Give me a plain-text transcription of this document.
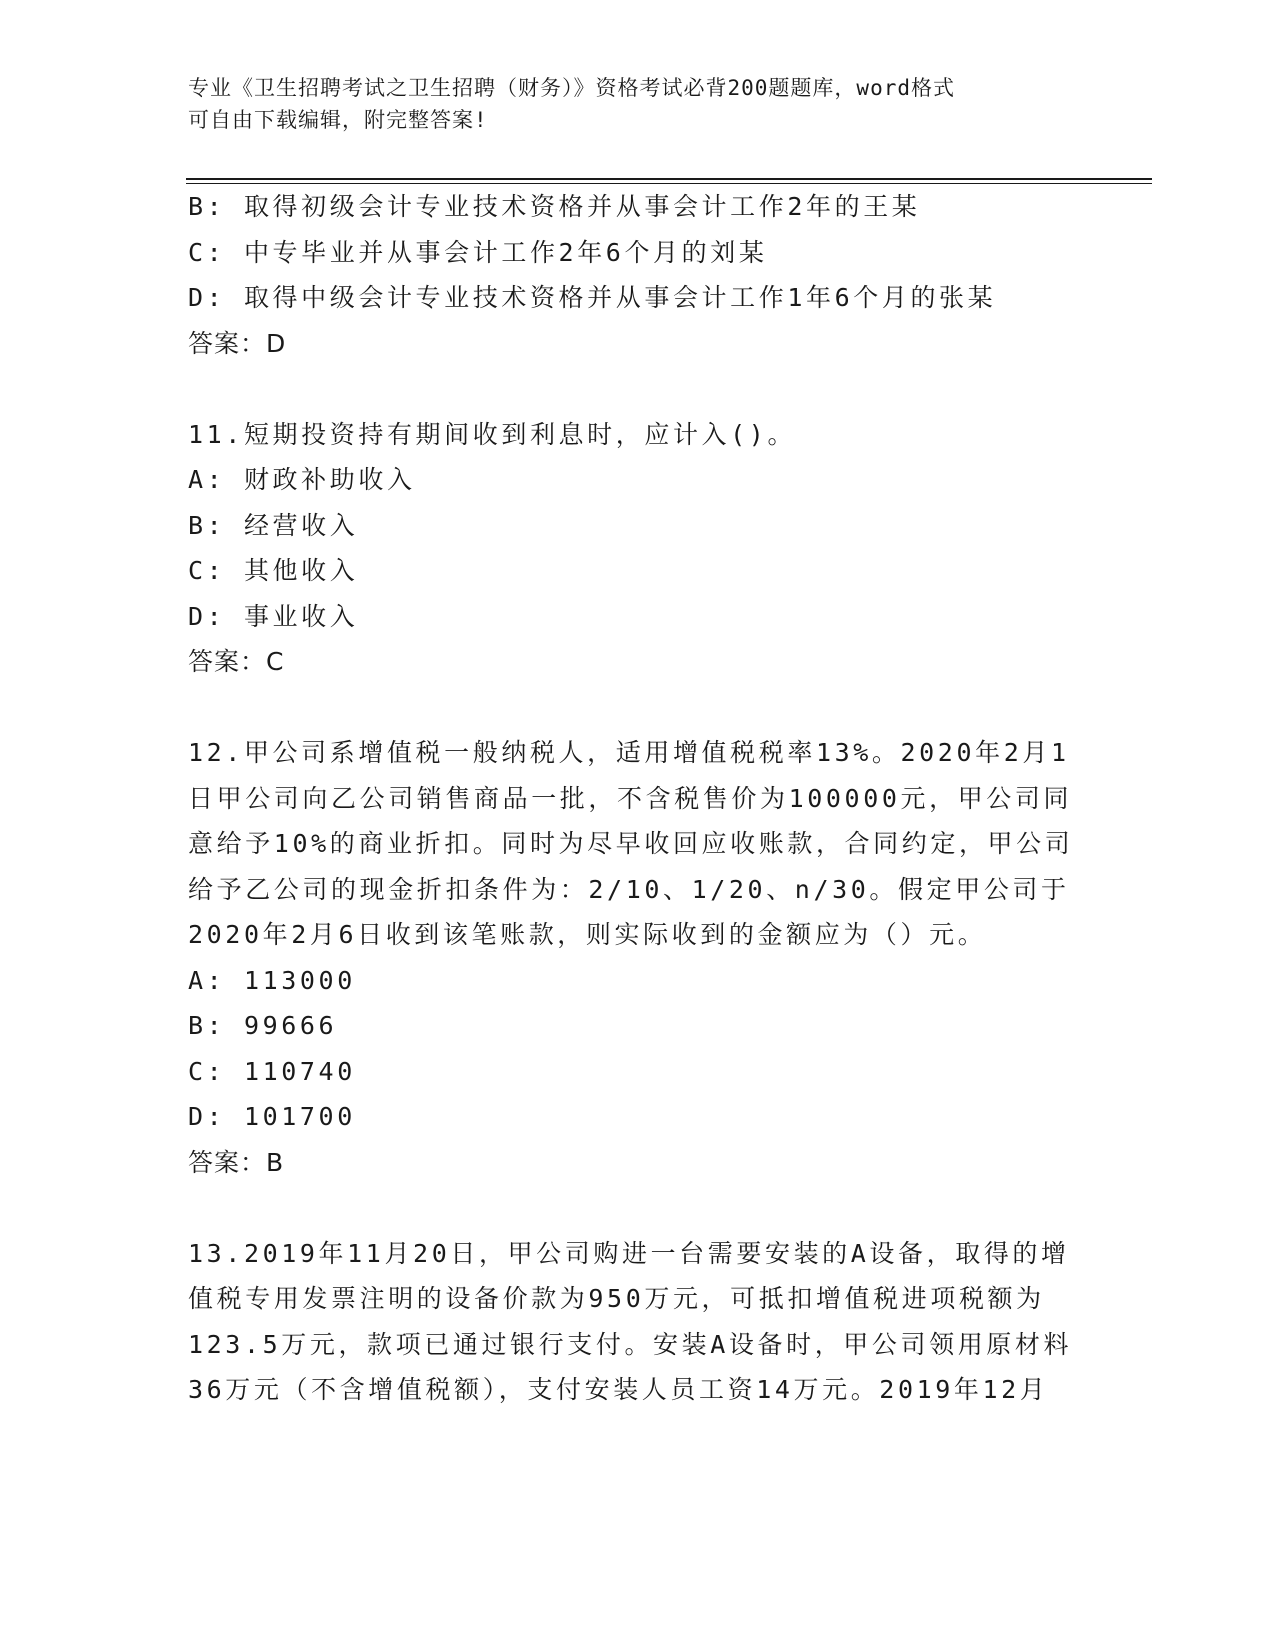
专业《卫生招聘考试之卫生招聘（财务）》资格考试必背200题题库，word格式
可自由下载编辑，附完整答案!
B: 取得初级会计专业技术资格并从事会计工作2年的王某
C: 中专毕业并从事会计工作2年6个月的刘某
D: 取得中级会计专业技术资格并从事会计工作1年6个月的张某
答案：D
11.短期投资持有期间收到利息时，应计入()。
A: 财政补助收入
B: 经营收入
C: 其他收入
D: 事业收入
答案：C
12.甲公司系增值税一般纳税人，适用增值税税率13%。2020年2月1
日甲公司向乙公司销售商品一批，不含税售价为100000元，甲公司同
意给予10%的商业折扣。同时为尽早收回应收账款，合同约定，甲公司
给予乙公司的现金折扣条件为：2/10、1/20、n/30。假定甲公司于
2020年2月6日收到该笔账款，则实际收到的金额应为（）元。
A: 113000
B: 99666
C: 110740
D: 101700
答案：B
13.2019年11月20日，甲公司购进一台需要安装的A设备，取得的增
值税专用发票注明的设备价款为950万元，可抵扣增值税进项税额为
123.5万元，款项已通过银行支付。安装A设备时，甲公司领用原材料
36万元（不含增值税额），支付安装人员工资14万元。2019年12月
